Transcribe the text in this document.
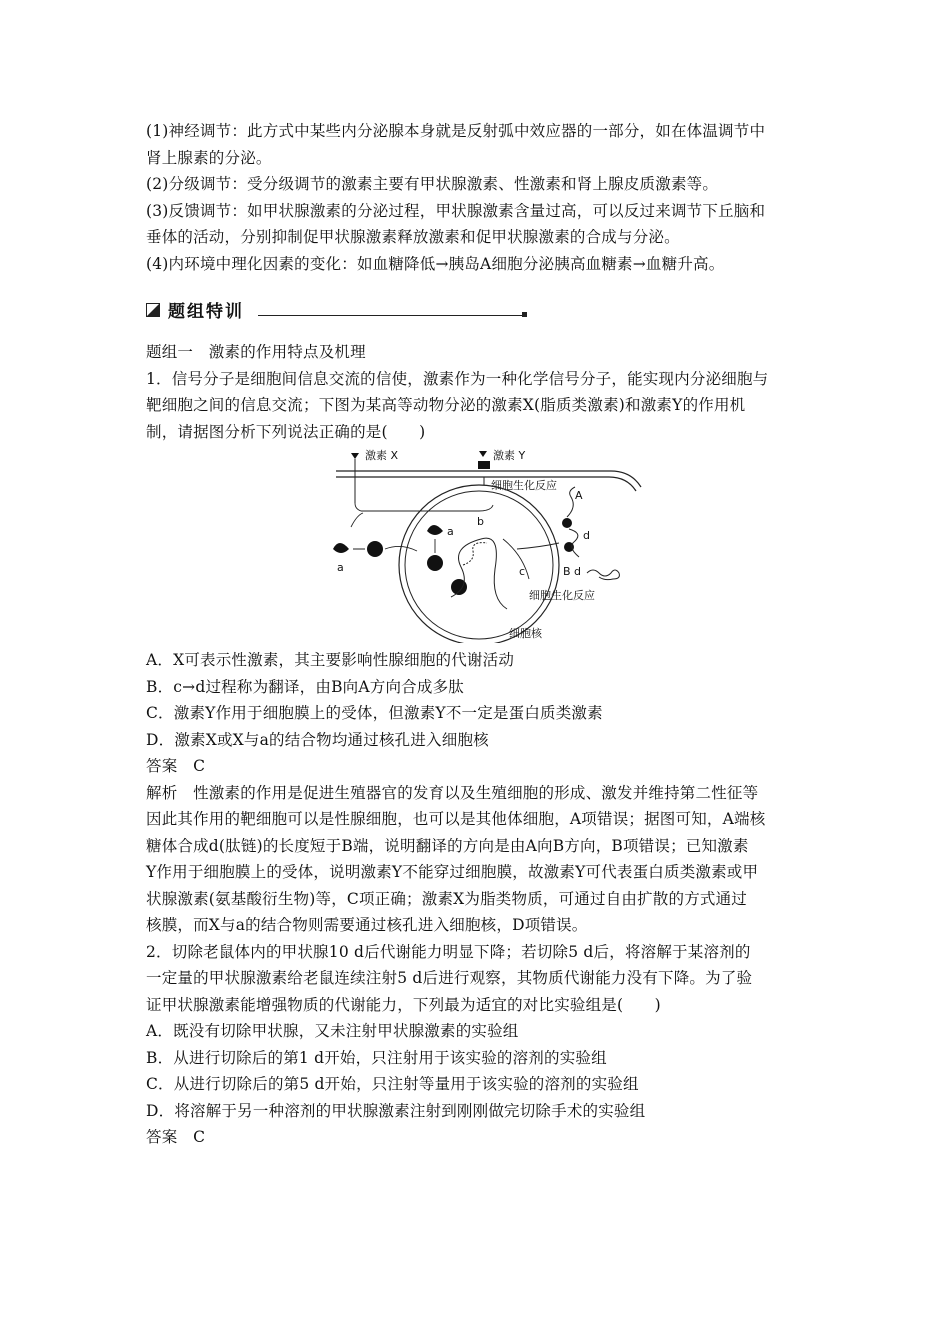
(1)神经调节：此方式中某些内分泌腺本身就是反射弧中效应器的一部分，如在体温调节中

肾上腺素的分泌。

(2)分级调节：受分级调节的激素主要有甲状腺激素、性激素和肾上腺皮质激素等。

(3)反馈调节：如甲状腺激素的分泌过程，甲状腺激素含量过高，可以反过来调节下丘脑和

垂体的活动，分别抑制促甲状腺激素释放激素和促甲状腺激素的合成与分泌。

(4)内环境中理化因素的变化：如血糖降低→胰岛A细胞分泌胰高血糖素→血糖升高。

题组特训

题组一　激素的作用特点及机理

1．信号分子是细胞间信息交流的信使，激素作为一种化学信号分子，能实现内分泌细胞与

靶细胞之间的信息交流；下图为某高等动物分泌的激素X(脂质类激素)和激素Y的作用机

制，请据图分析下列说法正确的是(　　)

激素 X	激素 Y
细胞生化反应
a
a
b
c
A
d
B d
细胞生化反应
细胞核

A．X可表示性激素，其主要影响性腺细胞的代谢活动

B．c→d过程称为翻译，由B向A方向合成多肽

C．激素Y作用于细胞膜上的受体，但激素Y不一定是蛋白质类激素

D．激素X或X与a的结合物均通过核孔进入细胞核

答案　C

解析　性激素的作用是促进生殖器官的发育以及生殖细胞的形成、激发并维持第二性征等

因此其作用的靶细胞可以是性腺细胞，也可以是其他体细胞，A项错误；据图可知，A端核

糖体合成d(肽链)的长度短于B端，说明翻译的方向是由A向B方向，B项错误；已知激素

Y作用于细胞膜上的受体，说明激素Y不能穿过细胞膜，故激素Y可代表蛋白质类激素或甲

状腺激素(氨基酸衍生物)等，C项正确；激素X为脂类物质，可通过自由扩散的方式通过

核膜，而X与a的结合物则需要通过核孔进入细胞核，D项错误。

2．切除老鼠体内的甲状腺10 d后代谢能力明显下降；若切除5 d后，将溶解于某溶剂的

一定量的甲状腺激素给老鼠连续注射5 d后进行观察，其物质代谢能力没有下降。为了验

证甲状腺激素能增强物质的代谢能力，下列最为适宜的对比实验组是(　　)

A．既没有切除甲状腺，又未注射甲状腺激素的实验组

B．从进行切除后的第1 d开始，只注射用于该实验的溶剂的实验组

C．从进行切除后的第5 d开始，只注射等量用于该实验的溶剂的实验组

D．将溶解于另一种溶剂的甲状腺激素注射到刚刚做完切除手术的实验组

答案　C
